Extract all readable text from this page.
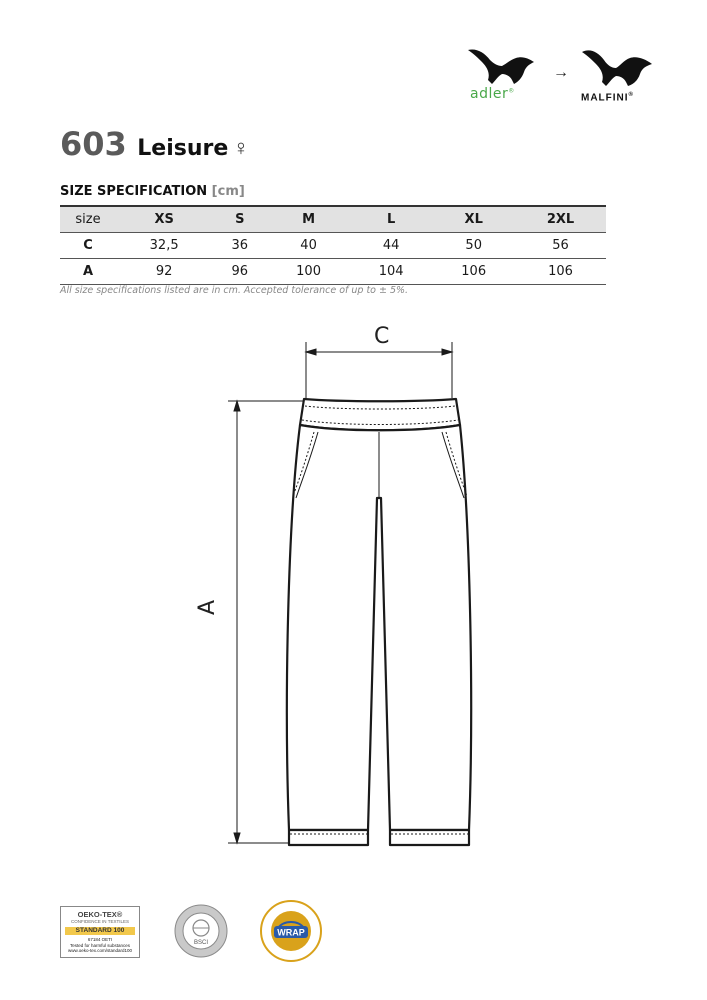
adler®
→
MALFINI®
603 Leisure ♀
SIZE SPECIFICATION [cm]
size	XS	S	M	L	XL	2XL
C	32,5	36	40	44	50	56
A	92	96	100	104	106	106
All size specifications listed are in cm. Accepted tolerance of up to ± 5%.
C
A
OEKO-TEX®
CONFIDENCE IN TEXTILES
STANDARD 100
67184 OETI
Tested for harmful substances
www.oeko-tex.com/standard100
BSCI
WRAP
